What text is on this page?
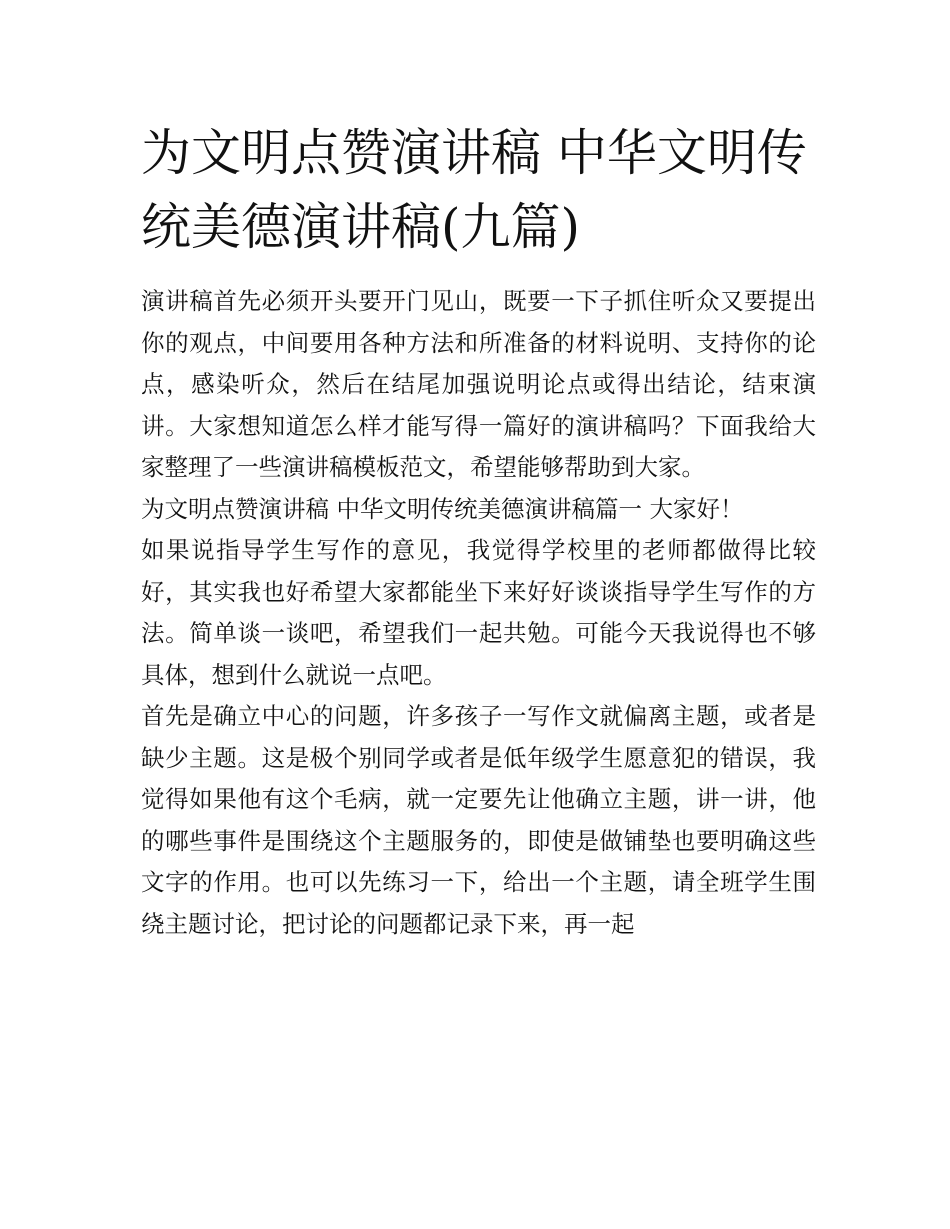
为文明点赞演讲稿 中华文明传统美德演讲稿(九篇)

演讲稿首先必须开头要开门见山，既要一下子抓住听众又要提出你的观点，中间要用各种方法和所准备的材料说明、支持你的论点，感染听众，然后在结尾加强说明论点或得出结论，结束演讲。大家想知道怎么样才能写得一篇好的演讲稿吗？下面我给大家整理了一些演讲稿模板范文，希望能够帮助到大家。

为文明点赞演讲稿 中华文明传统美德演讲稿篇一 大家好！

如果说指导学生写作的意见，我觉得学校里的老师都做得比较好，其实我也好希望大家都能坐下来好好谈谈指导学生写作的方法。简单谈一谈吧，希望我们一起共勉。可能今天我说得也不够具体，想到什么就说一点吧。

首先是确立中心的问题，许多孩子一写作文就偏离主题，或者是缺少主题。这是极个别同学或者是低年级学生愿意犯的错误，我觉得如果他有这个毛病，就一定要先让他确立主题，讲一讲，他的哪些事件是围绕这个主题服务的，即使是做铺垫也要明确这些文字的作用。也可以先练习一下，给出一个主题，请全班学生围绕主题讨论，把讨论的问题都记录下来，再一起
